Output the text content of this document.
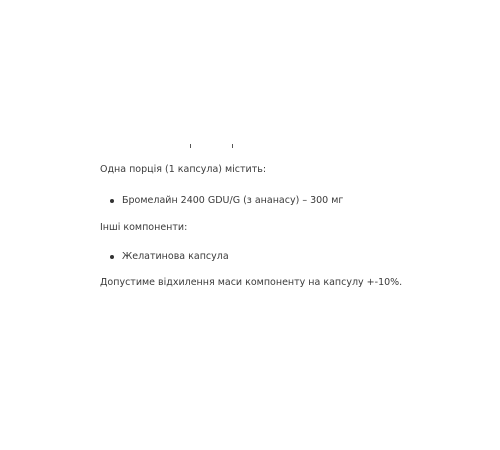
Одна порція (1 капсула) містить:

Бромелайн 2400 GDU/G (з ананасу) – 300 мг

Інші компоненти:

Желатинова капсула

Допустиме відхилення маси компоненту на капсулу +-10%.
